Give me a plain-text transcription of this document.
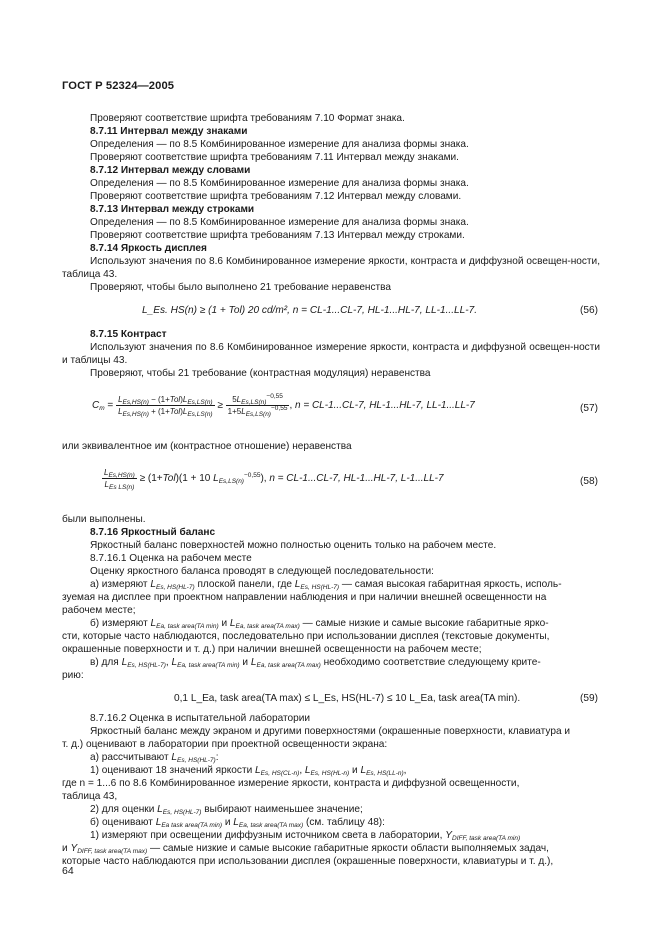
ГОСТ Р 52324—2005

Проверяют соответствие шрифта требованиям 7.10 Формат знака.

8.7.11 Интервал между знаками

Определения — по 8.5 Комбинированное измерение для анализа формы знака.

Проверяют соответствие шрифта требованиям 7.11 Интервал между знаками.

8.7.12 Интервал между словами

Определения — по 8.5 Комбинированное измерение для анализа формы знака.

Проверяют соответствие шрифта требованиям 7.12 Интервал между словами.

8.7.13 Интервал между строками

Определения — по 8.5 Комбинированное измерение для анализа формы знака.

Проверяют соответствие шрифта требованиям 7.13 Интервал между строками.

8.7.14 Яркость дисплея

Используют значения по 8.6 Комбинированное измерение яркости, контраста и диффузной освещен-ности, таблица 43.

Проверяют, чтобы было выполнено 21 требование неравенства

L_Es. HS(n) ≥ (1 + Tol) 20 cd/m², n = CL-1...CL-7, HL-1...HL-7, LL-1...LL-7.	(56)

8.7.15 Контраст

Используют значения по 8.6 Комбинированное измерение яркости, контраста и диффузной освещен-ности и таблицы 43.

Проверяют, чтобы 21 требование (контрастная модуляция) неравенства

$C_m = \frac{L_{Es,HS(n)} - (1+Tol)L_{Es,LS(n)}}{L_{Es,HS(n)} + (1+Tol)L_{Es,LS(n)}} \ge \frac{5L_{Es,LS(n)}^{-0,55}}{1+5L_{Es,LS(n)}^{-0,55}}$ , n = CL-1...CL-7, HL-1...HL-7, LL-1...LL-7	(57)

или эквивалентное им (контрастное отношение) неравенства

$\frac{L_{Es,HS(n)}}{L_{Es LS(n)}} \ge (1+Tol)(1 + 10$ $L_{Es,LS(n)}^{-0,55}$), n = CL-1...CL-7, HL-1...HL-7, L-1...LL-7	(58)

были выполнены.

8.7.16 Яркостный баланс

Яркостный баланс поверхностей можно полностью оценить только на рабочем месте.

8.7.16.1 Оценка на рабочем месте

Оценку яркостного баланса проводят в следующей последовательности:

а) измеряют $L_{Es, HS(HL-7)}$ плоской панели, где $L_{Es, HS(HL-7)}$ — самая высокая габаритная яркость, исполь-

зуемая на дисплее при проектном направлении наблюдения и при наличии внешней освещенности на

рабочем месте;

б) измеряют $L_{Ea, task area(TA min)}$ и $L_{Ea, task area(TA max)}$ — самые низкие и самые высокие габаритные ярко-

сти, которые часто наблюдаются, последовательно при использовании дисплея (текстовые документы,

окрашенные поверхности и т. д.) при наличии внешней освещенности на рабочем месте;

в) для $L_{Es, HS(HL-7)}$, $L_{Ea, task area(TA min)}$ и $L_{Ea, task area(TA max)}$ необходимо соответствие следующему крите-

рию:

0,1 L_Ea, task area(TA max) ≤ L_Es, HS(HL-7) ≤ 10 L_Ea, task area(TA min).	(59)

8.7.16.2 Оценка в испытательной лаборатории

Яркостный баланс между экраном и другими поверхностями (окрашенные поверхности, клавиатура и

т. д.) оценивают в лаборатории при проектной освещенности экрана:

а) рассчитывают $L_{Es, HS(HL-7)}$:

1) оценивают 18 значений яркости $L_{Es, HS(CL-n)}$, $L_{Es, HS(HL-n)}$ и $L_{Es, HS(LL-n)}$,

где n = 1...6 по 8.6 Комбинированное измерение яркости, контраста и диффузной освещенности,

таблица 43,

2) для оценки $L_{Es, HS(HL-7)}$ выбирают наименьшее значение;

б) оценивают $L_{Ea task area(TA min)}$ и $L_{Ea, task area(TA max)}$ (см. таблицу 48):

1) измеряют при освещении диффузным источником света в лаборатории, $Y_{DIFF, task area(TA min)}$

и $Y_{DIFF, task area(TA max)}$ — самые низкие и самые высокие габаритные яркости области выполняемых задач,

которые часто наблюдаются при использовании дисплея (окрашенные поверхности, клавиатуры и т. д.),

64
